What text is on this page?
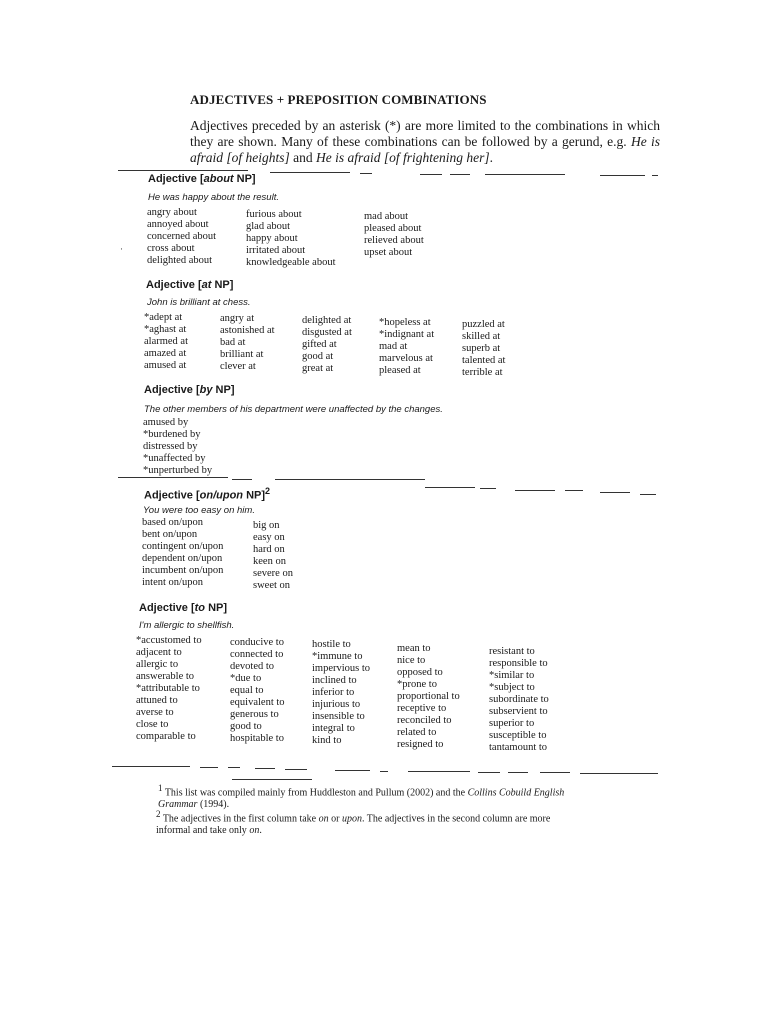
ADJECTIVES + PREPOSITION COMBINATIONS
Adjectives preceded by an asterisk (*) are more limited to the combinations in which they are shown. Many of these combinations can be followed by a gerund, e.g. He is afraid [of heights] and He is afraid [of frightening her].
Adjective [about NP]
He was happy about the result.
angry about
annoyed about
concerned about
cross about
delighted about
furious about
glad about
happy about
irritated about
knowledgeable about
mad about
pleased about
relieved about
upset about
Adjective [at NP]
John is brilliant at chess.
*adept at
*aghast at
alarmed at
amazed at
amused at
angry at
astonished at
bad at
brilliant at
clever at
delighted at
disgusted at
gifted at
good at
great at
*hopeless at
*indignant at
mad at
marvelous at
pleased at
puzzled at
skilled at
superb at
talented at
terrible at
Adjective [by NP]
The other members of his department were unaffected by the changes.
amused by
*burdened by
distressed by
*unaffected by
*unperturbed by
Adjective [on/upon NP]$^2$
You were too easy on him.
based on/upon
bent on/upon
contingent on/upon
dependent on/upon
incumbent on/upon
intent on/upon
big on
easy on
hard on
keen on
severe on
sweet on
Adjective [to NP]
I'm allergic to shellfish.
*accustomed to
adjacent to
allergic to
answerable to
*attributable to
attuned to
averse to
close to
comparable to
conducive to
connected to
devoted to
*due to
equal to
equivalent to
generous to
good to
hospitable to
hostile to
*immune to
impervious to
inclined to
inferior to
injurious to
insensible to
integral to
kind to
mean to
nice to
opposed to
*prone to
proportional to
receptive to
reconciled to
related to
resigned to
resistant to
responsible to
*similar to
*subject to
subordinate to
subservient to
superior to
susceptible to
tantamount to
$^1$ This list was compiled mainly from Huddleston and Pullum (2002) and the Collins Cobuild English Grammar (1994).
$^2$ The adjectives in the first column take on or upon. The adjectives in the second column are more informal and take only on.
·
